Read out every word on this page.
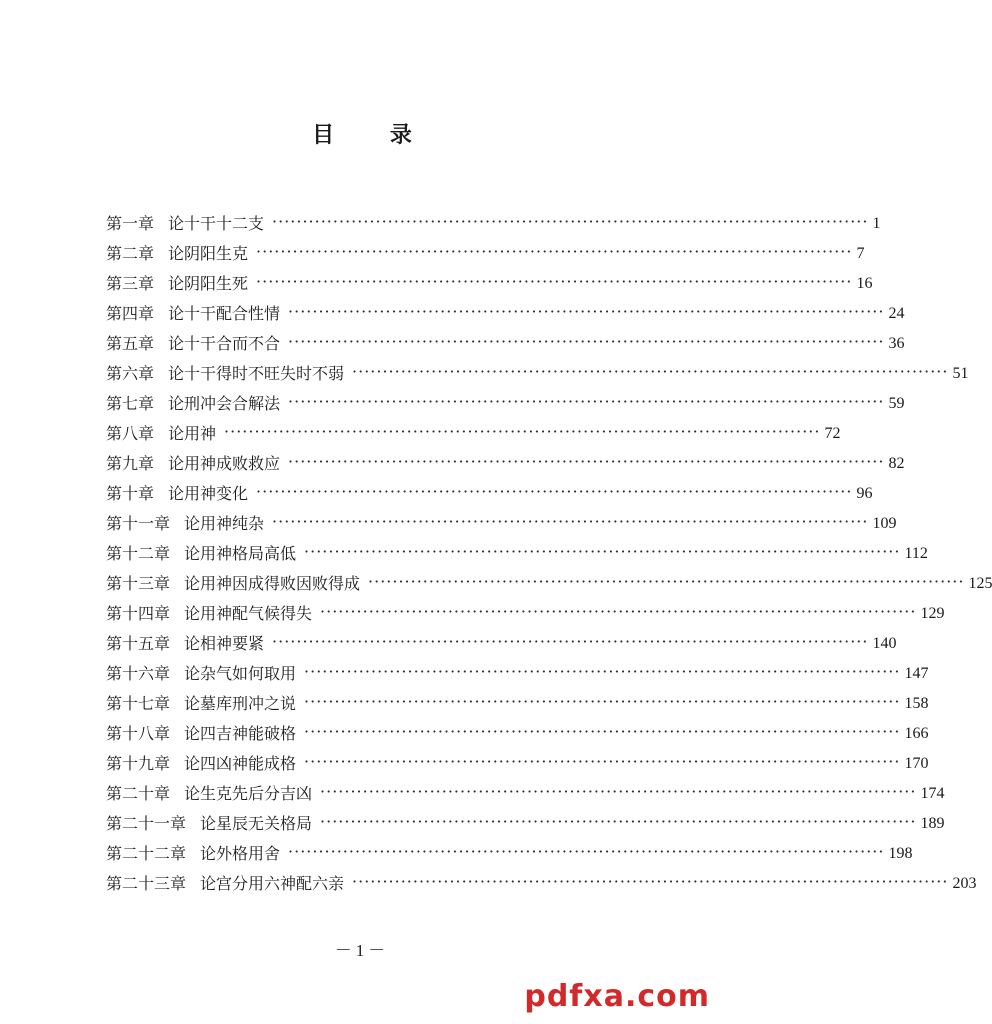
目 录
第一章 论十干十二支 ·································································································· 1
第二章 论阴阳生克 ·································································································· 7
第三章 论阴阳生死 ·································································································· 16
第四章 论十干配合性情 ·································································································· 24
第五章 论十干合而不合 ·································································································· 36
第六章 论十干得时不旺失时不弱 ·································································································· 51
第七章 论刑冲会合解法 ·································································································· 59
第八章 论用神 ·································································································· 72
第九章 论用神成败救应 ·································································································· 82
第十章 论用神变化 ·································································································· 96
第十一章 论用神纯杂 ·································································································· 109
第十二章 论用神格局高低 ·································································································· 112
第十三章 论用神因成得败因败得成 ·································································································· 125
第十四章 论用神配气候得失 ·································································································· 129
第十五章 论相神要紧 ·································································································· 140
第十六章 论杂气如何取用 ·································································································· 147
第十七章 论墓库刑冲之说 ·································································································· 158
第十八章 论四吉神能破格 ·································································································· 166
第十九章 论四凶神能成格 ·································································································· 170
第二十章 论生克先后分吉凶 ·································································································· 174
第二十一章 论星辰无关格局 ·································································································· 189
第二十二章 论外格用舍 ·································································································· 198
第二十三章 论宫分用六神配六亲 ·································································································· 203
－1－
pdfxa.com
